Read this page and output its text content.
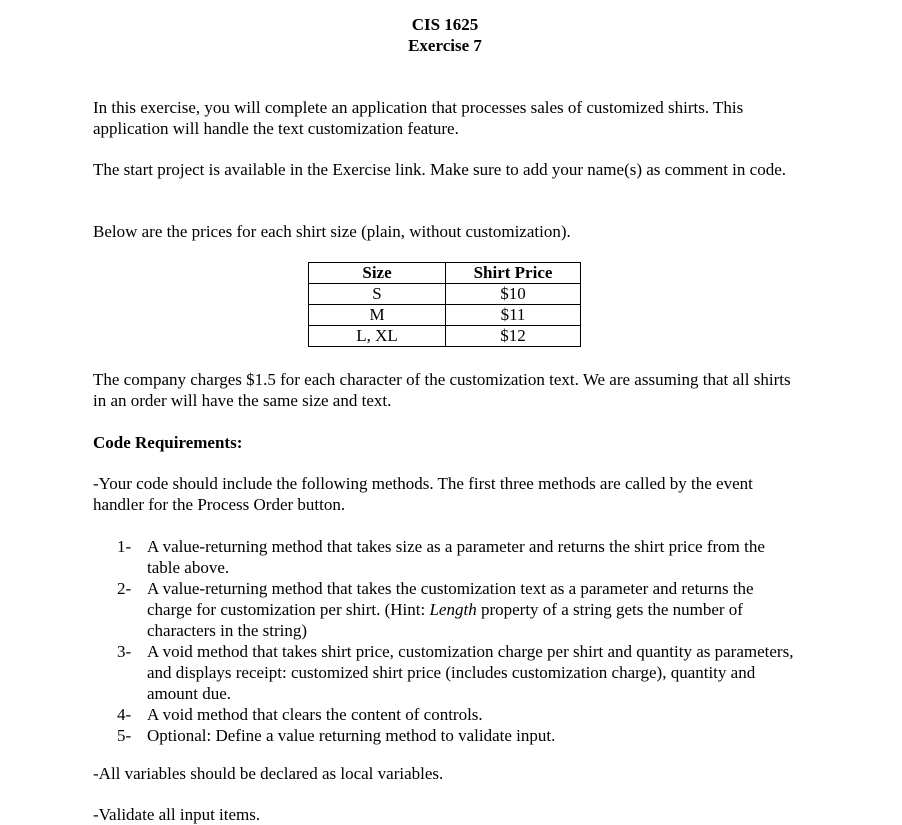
CIS 1625
Exercise 7

In this exercise, you will complete an application that processes sales of customized shirts. This application will handle the text customization feature.

The start project is available in the Exercise link. Make sure to add your name(s) as comment in code.

Below are the prices for each shirt size (plain, without customization).

Size	Shirt Price
S	$10
M	$11
L, XL	$12

The company charges $1.5 for each character of the customization text. We are assuming that all shirts in an order will have the same size and text.

Code Requirements:

-Your code should include the following methods. The first three methods are called by the event handler for the Process Order button.

1- A value-returning method that takes size as a parameter and returns the shirt price from the table above.
2- A value-returning method that takes the customization text as a parameter and returns the charge for customization per shirt. (Hint: Length property of a string gets the number of characters in the string)
3- A void method that takes shirt price, customization charge per shirt and quantity as parameters, and displays receipt: customized shirt price (includes customization charge), quantity and amount due.
4- A void method that clears the content of controls.
5- Optional: Define a value returning method to validate input.

-All variables should be declared as local variables.

-Validate all input items.
